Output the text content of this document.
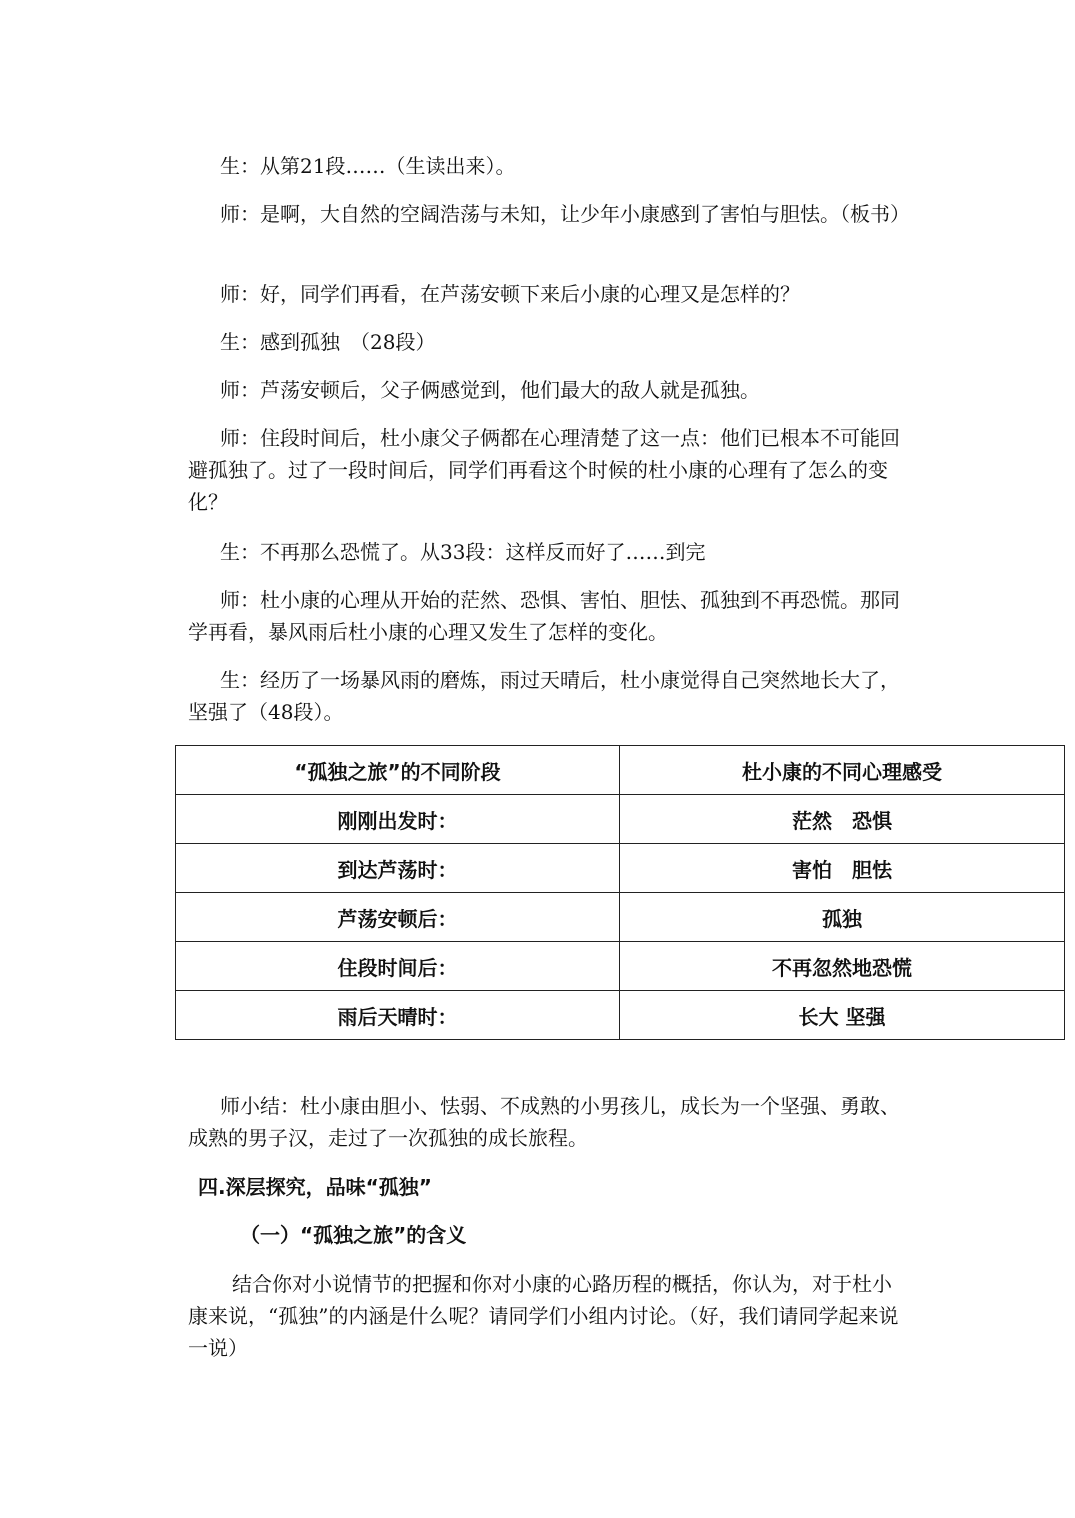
生：从第21段……（生读出来）。

师：是啊，大自然的空阔浩荡与未知，让少年小康感到了害怕与胆怯。（板书）

师：好，同学们再看，在芦荡安顿下来后小康的心理又是怎样的？

生：感到孤独　（28段）

师：芦荡安顿后，父子俩感觉到，他们最大的敌人就是孤独。

师：住段时间后，杜小康父子俩都在心理清楚了这一点：他们已根本不可能回避孤独了。过了一段时间后，同学们再看这个时候的杜小康的心理有了怎么的变化？

生：不再那么恐慌了。从33段：这样反而好了……到完

师：杜小康的心理从开始的茫然、恐惧、害怕、胆怯、孤独到不再恐慌。那同学再看，暴风雨后杜小康的心理又发生了怎样的变化。

生：经历了一场暴风雨的磨炼，雨过天晴后，杜小康觉得自己突然地长大了，坚强了（48段）。

“孤独之旅”的不同阶段	杜小康的不同心理感受
刚刚出发时：	茫然　恐惧
到达芦荡时：	害怕　胆怯
芦荡安顿后：	孤独
住段时间后：	不再忽然地恐慌
雨后天晴时：	长大 坚强

师小结：杜小康由胆小、怯弱、不成熟的小男孩儿，成长为一个坚强、勇敢、成熟的男子汉，走过了一次孤独的成长旅程。

四.深层探究，品味“孤独”
（一）“孤独之旅”的含义

结合你对小说情节的把握和你对小康的心路历程的概括，你认为，对于杜小康来说，“孤独”的内涵是什么呢？请同学们小组内讨论。（好，我们请同学起来说一说）
